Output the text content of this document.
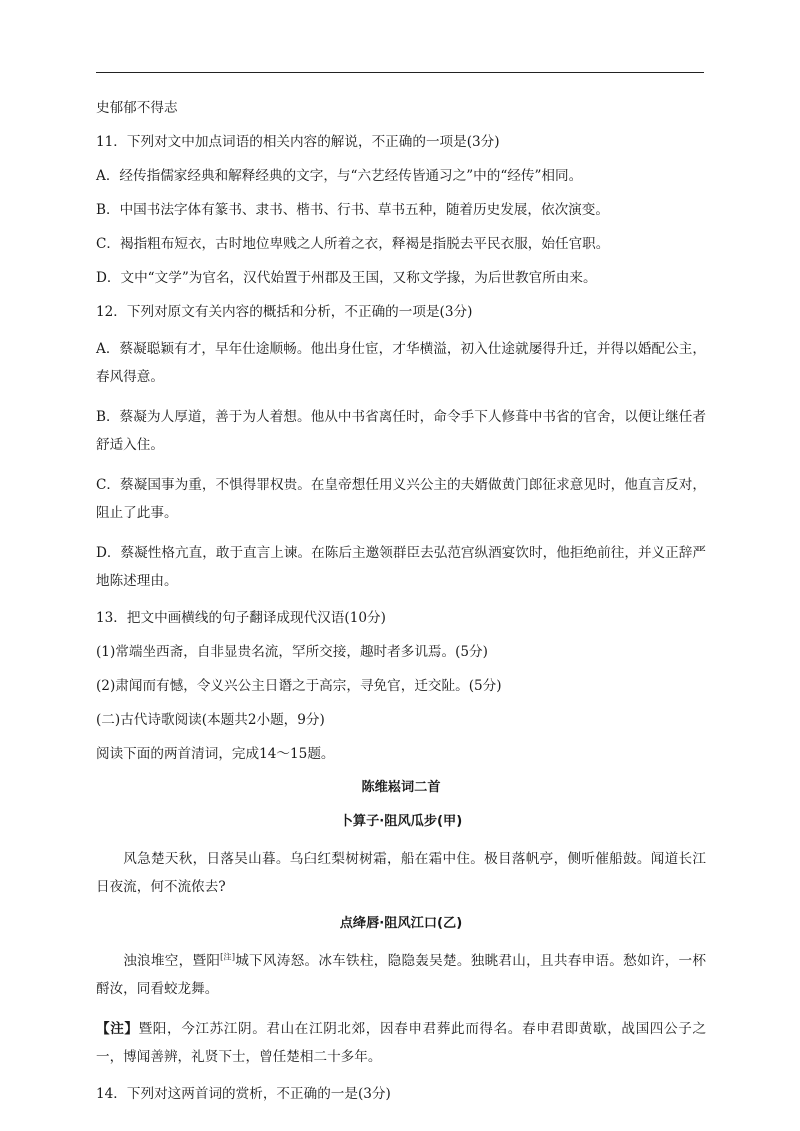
史郁郁不得志

11．下列对文中加点词语的相关内容的解说，不正确的一项是(3分)

A．经传指儒家经典和解释经典的文字，与“六艺经传皆通习之”中的“经传”相同。

B．中国书法字体有篆书、隶书、楷书、行书、草书五种，随着历史发展，依次演变。

C．褐指粗布短衣，古时地位卑贱之人所着之衣，释褐是指脱去平民衣服，始任官职。

D．文中“文学”为官名，汉代始置于州郡及王国，又称文学掾，为后世教官所由来。

12．下列对原文有关内容的概括和分析，不正确的一项是(3分)

A．蔡凝聪颖有才，早年仕途顺畅。他出身仕宦，才华横溢，初入仕途就屡得升迁，并得以婚配公主，春风得意。

B．蔡凝为人厚道，善于为人着想。他从中书省离任时，命令手下人修葺中书省的官舍，以便让继任者舒适入住。

C．蔡凝国事为重，不惧得罪权贵。在皇帝想任用义兴公主的夫婿做黄门郎征求意见时，他直言反对，阻止了此事。

D．蔡凝性格亢直，敢于直言上谏。在陈后主邀领群臣去弘范宫纵酒宴饮时，他拒绝前往，并义正辞严地陈述理由。

13．把文中画横线的句子翻译成现代汉语(10分)

(1)常端坐西斋，自非显贵名流，罕所交接，趣时者多讥焉。(5分)

(2)肃闻而有憾，令义兴公主日谮之于高宗，寻免官，迁交阯。(5分)

(二)古代诗歌阅读(本题共2小题，9分)

阅读下面的两首清词，完成14～15题。

陈维崧词二首

卜算子·阻风瓜步(甲)

风急楚天秋，日落吴山暮。乌臼红梨树树霜，船在霜中住。极目落帆亭，侧听催船鼓。闻道长江日夜流，何不流侬去?

点绛唇·阻风江口(乙)

浊浪堆空，暨阳[注]城下风涛怒。冰车铁柱，隐隐轰吴楚。独眺君山，且共春申语。愁如许，一杯酹汝，同看蛟龙舞。

【注】暨阳，今江苏江阴。君山在江阴北郊，因春申君葬此而得名。春申君即黄歇，战国四公子之一，博闻善辨，礼贤下士，曾任楚相二十多年。

14．下列对这两首词的赏析，不正确的一是(3分)
